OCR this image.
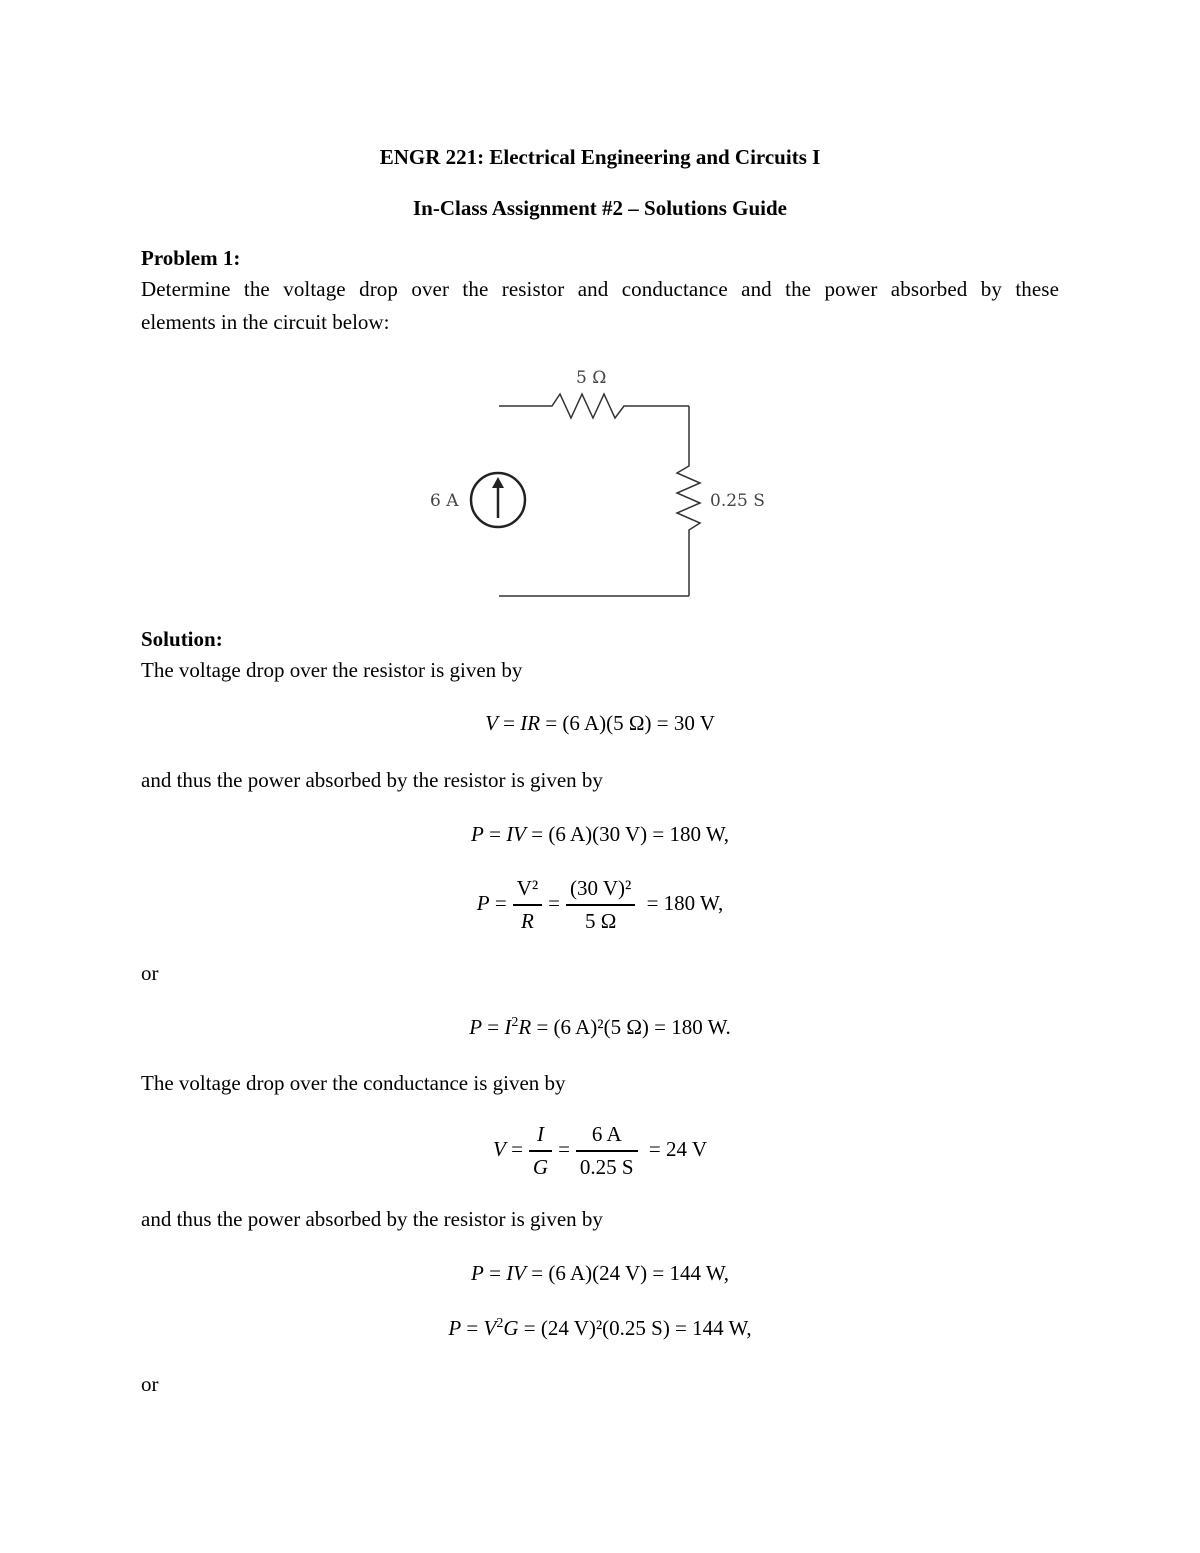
ENGR 221: Electrical Engineering and Circuits I
In-Class Assignment #2 – Solutions Guide
Problem 1:
Determine the voltage drop over the resistor and conductance and the power absorbed by these
elements in the circuit below:
5 Ω
0.25 S
6 A
Solution:
The voltage drop over the resistor is given by
V = IR = (6 A)(5 Ω) = 30 V
and thus the power absorbed by the resistor is given by
P = IV = (6 A)(30 V) = 180 W,
$P = \frac{\text{V²}}{R} = \frac{\text{(30 V)²}}{5 \Omega} = 180$ W,
or
$P = I^2R = (6$ A)²(5 Ω) = 180 W.
The voltage drop over the conductance is given by
$V = \frac{I}{G} = \frac{6 A}{0.25 S} = 24$ V
and thus the power absorbed by the resistor is given by
P = IV = (6 A)(24 V) = 144 W,
$P = V^2G = (24$ V)²(0.25 S) = 144 W,
or
